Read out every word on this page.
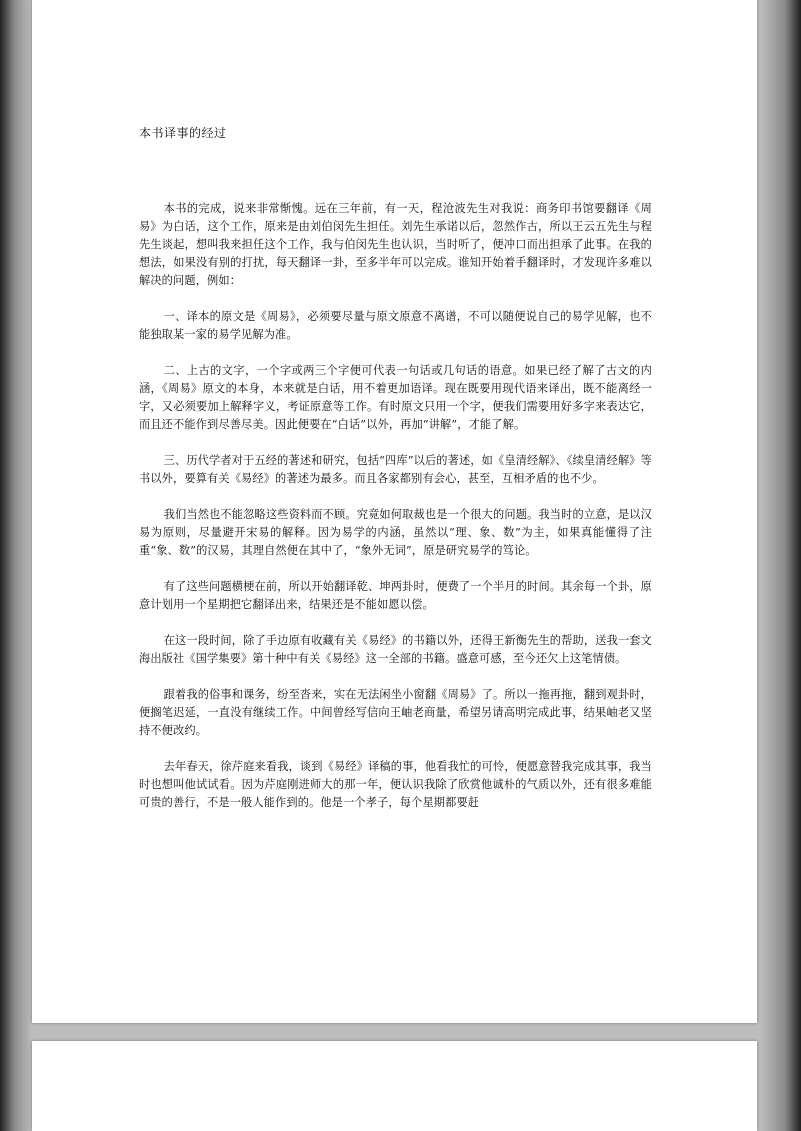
本书译事的经过

本书的完成，说来非常惭愧。远在三年前，有一天，程沧波先生对我说：商务印书馆要翻译《周易》为白话，这个工作，原来是由刘伯闵先生担任。刘先生承诺以后，忽然作古，所以王云五先生与程先生谈起，想叫我来担任这个工作，我与伯闵先生也认识，当时听了，便冲口而出担承了此事。在我的想法，如果没有别的打扰，每天翻译一卦，至多半年可以完成。谁知开始着手翻译时，才发现许多难以解决的问题，例如：

一、译本的原文是《周易》，必须要尽量与原文原意不离谱，不可以随便说自己的易学见解，也不能独取某一家的易学见解为准。

二、上古的文字，一个字或两三个字便可代表一句话或几句话的语意。如果已经了解了古文的内涵，《周易》原文的本身，本来就是白话，用不着更加语译。现在既要用现代语来译出，既不能离经一字，又必须要加上解释字义，考证原意等工作。有时原文只用一个字，便我们需要用好多字来表达它，而且还不能作到尽善尽美。因此便要在“白话”以外，再加“讲解”，才能了解。

三、历代学者对于五经的著述和研究，包括“四库”以后的著述，如《皇清经解》、《续皇清经解》等书以外，要算有关《易经》的著述为最多。而且各家都别有会心，甚至，互相矛盾的也不少。

我们当然也不能忽略这些资料而不顾。究竟如何取裁也是一个很大的问题。我当时的立意，是以汉易为原则，尽量避开宋易的解释。因为易学的内涵，虽然以“理、象、数”为主，如果真能懂得了注重“象、数”的汉易，其理自然便在其中了，“象外无词”，原是研究易学的笃论。

有了这些问题横梗在前，所以开始翻译乾、坤两卦时，便费了一个半月的时间。其余每一个卦，原意计划用一个星期把它翻译出来，结果还是不能如愿以偿。

在这一段时间，除了手边原有收藏有关《易经》的书籍以外，还得王新衡先生的帮助，送我一套文海出版社《国学集要》第十种中有关《易经》这一全部的书籍。盛意可感，至今还欠上这笔情债。

跟着我的俗事和课务，纷至沓来，实在无法闲坐小窗翻《周易》了。所以一拖再拖，翻到观卦时，便搁笔迟延，一直没有继续工作。中间曾经写信向王岫老商量，希望另请高明完成此事，结果岫老又坚持不便改约。

去年春天，徐芹庭来看我，谈到《易经》译稿的事，他看我忙的可怜，便愿意替我完成其事，我当时也想叫他试试看。因为芹庭刚进师大的那一年，便认识我除了欣赏他诚朴的气质以外，还有很多难能可贵的善行，不是一般人能作到的。他是一个孝子，每个星期都要赶
